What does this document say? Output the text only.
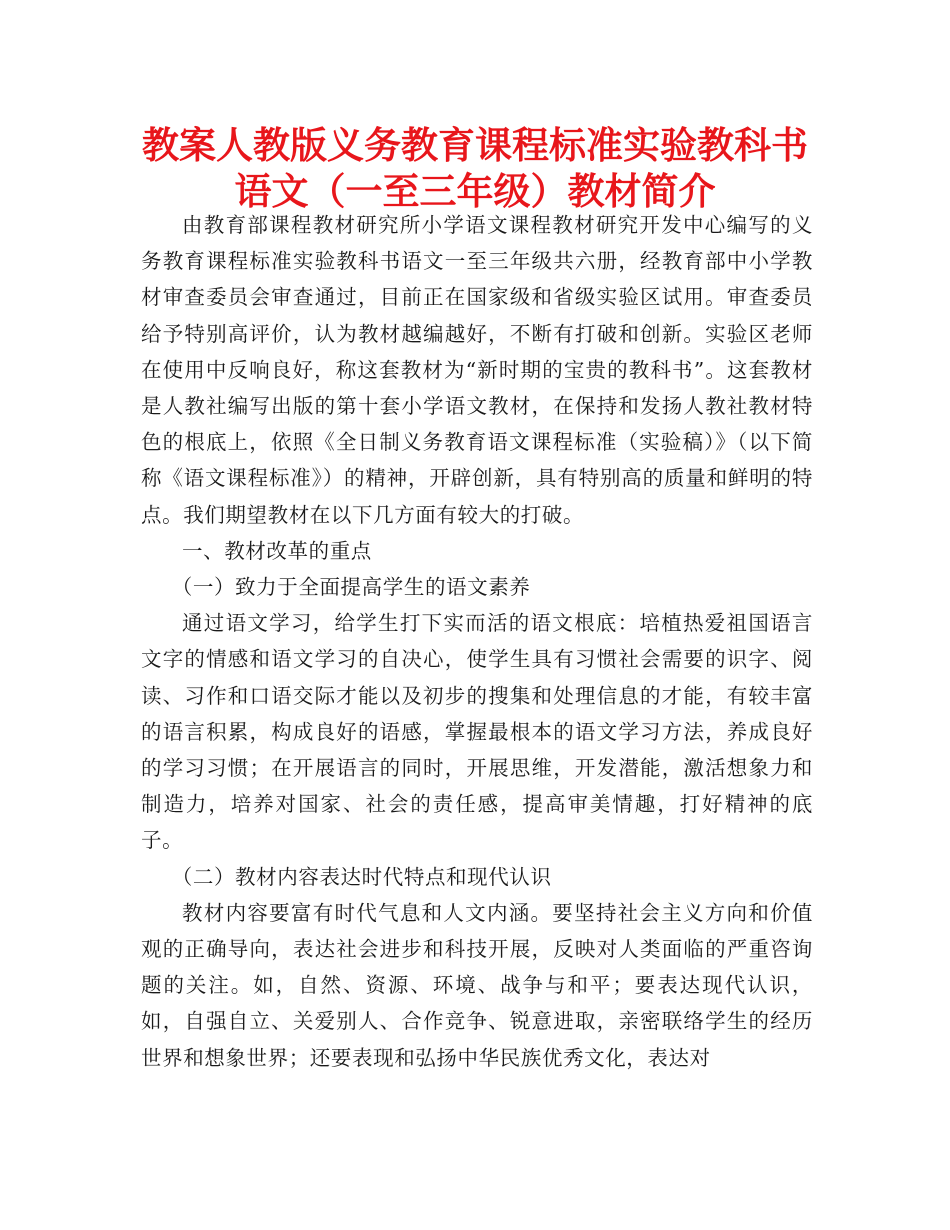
教案人教版义务教育课程标准实验教科书
语文（一至三年级）教材简介

由教育部课程教材研究所小学语文课程教材研究开发中心编写的义务教育课程标准实验教科书语文一至三年级共六册，经教育部中小学教材审查委员会审查通过，目前正在国家级和省级实验区试用。审查委员给予特别高评价，认为教材越编越好，不断有打破和创新。实验区老师在使用中反响良好，称这套教材为“新时期的宝贵的教科书”。这套教材是人教社编写出版的第十套小学语文教材，在保持和发扬人教社教材特色的根底上，依照《全日制义务教育语文课程标准（实验稿）》（以下简称《语文课程标准》）的精神，开辟创新，具有特别高的质量和鲜明的特点。我们期望教材在以下几方面有较大的打破。

一、教材改革的重点

（一）致力于全面提高学生的语文素养

通过语文学习，给学生打下实而活的语文根底：培植热爱祖国语言文字的情感和语文学习的自决心，使学生具有习惯社会需要的识字、阅读、习作和口语交际才能以及初步的搜集和处理信息的才能，有较丰富的语言积累，构成良好的语感，掌握最根本的语文学习方法，养成良好的学习习惯；在开展语言的同时，开展思维，开发潜能，激活想象力和制造力，培养对国家、社会的责任感，提高审美情趣，打好精神的底子。

（二）教材内容表达时代特点和现代认识

教材内容要富有时代气息和人文内涵。要坚持社会主义方向和价值观的正确导向，表达社会进步和科技开展，反映对人类面临的严重咨询题的关注。如，自然、资源、环境、战争与和平；要表达现代认识，如，自强自立、关爱别人、合作竞争、锐意进取，亲密联络学生的经历世界和想象世界；还要表现和弘扬中华民族优秀文化，表达对
